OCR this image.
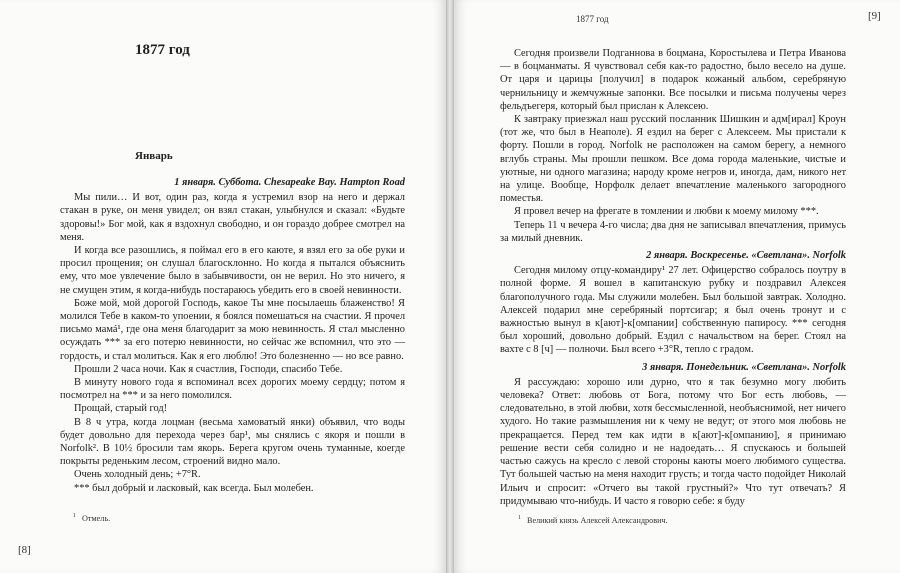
1877 год
Январь

1 января. Суббота. Chesapeake Bay. Hampton Road

Мы пили… И вот, один раз, когда я устремил взор на него и держал стакан в руке, он меня увидел; он взял стакан, улыбнулся и сказал: «Будьте здоровы!» Бог мой, как я вздохнул свободно, и он гораздо добрее смотрел на меня.

И когда все разошлись, я поймал его в его каюте, я взял его за обе руки и просил прощения; он слушал благосклонно. Но когда я пытался объяснить ему, что мое увлечение было в забывчивости, он не верил. Но это ничего, я не смущен этим, я когда-нибудь постараюсь убедить его в своей невинности.

Боже мой, мой дорогой Господь, какое Ты мне посылаешь блаженство! Я молился Тебе в каком-то упоении, я боялся помешаться на счастии. Я прочел письмо мамá¹, где она меня благодарит за мою невинность. Я стал мысленно осуждать *** за его потерю невинности, но сейчас же вспомнил, что это — гордость, и стал молиться. Как я его люблю! Это болезненно — но все равно.

Прошли 2 часа ночи. Как я счастлив, Господи, спасибо Тебе.

В минуту нового года я вспоминал всех дорогих моему сердцу; потом я посмотрел на *** и за него помолился.

Прощай, старый год!

В 8 ч утра, когда лоцман (весьма хамоватый янки) объявил, что воды будет довольно для перехода через бар¹, мы снялись с якоря и пошли в Norfolk². В 10½ бросили там якорь. Берега кругом очень туманные, коегде покрыты реденьким лесом, строений видно мало.

Очень холодный день; +7°R.

*** был добрый и ласковый, как всегда. Был молебен.

$^1$ Отмель.
[8]
1877 год	[9]

Сегодня произвели Подганнова в боцмана, Коростылева и Петра Иванова — в боцманматы. Я чувствовал себя как-то радостно, было весело на душе. От царя и царицы [получил] в подарок кожаный альбом, серебряную чернильницу и жемчужные запонки. Все посылки и письма получены через фельдъегеря, который был прислан к Алексею.

К завтраку приезжал наш русский посланник Шишкин и адм[ирал] Кроун (тот же, что был в Неаполе). Я ездил на берег с Алексеем. Мы пристали к форту. Пошли в город. Norfolk не расположен на самом берегу, а немного вглубь страны. Мы прошли пешком. Все дома города маленькие, чистые и уютные, ни одного магазина; народу кроме негров и, иногда, дам, никого нет на улице. Вообще, Норфолк делает впечатление маленького загородного поместья.

Я провел вечер на фрегате в томлении и любви к моему милому ***.

Теперь 11 ч вечера 4-го числа; два дня не записывал впечатления, примусь за милый дневник.

2 января. Воскресенье. «Светлана». Norfolk

Сегодня милому отцу-командиру¹ 27 лет. Офицерство собралось поутру в полной форме. Я вошел в капитанскую рубку и поздравил Алексея благополучного года. Мы служили молебен. Был большой завтрак. Холодно. Алексей подарил мне серебряный портсигар; я был очень тронут и с важностью вынул в к[ают]-к[омпании] собственную папиросу. *** сегодня был хороший, довольно добрый. Ездил с начальством на берег. Стоял на вахте с 8 [ч] — полночи. Был всего +3°R, тепло с градом.

3 января. Понедельник. «Светлана». Norfolk

Я рассуждаю: хорошо или дурно, что я так безумно могу любить человека? Ответ: любовь от Бога, потому что Бог есть любовь, — следовательно, в этой любви, хотя бессмысленной, необъяснимой, нет ничего худого. Но такие размышления ни к чему не ведут; от этого моя любовь не прекращается. Перед тем как идти в к[ают]-к[омпанию], я принимаю решение вести себя солидно и не надоедать… Я спускаюсь и большей частью сажусь на кресло с левой стороны каюты моего любимого существа. Тут большей частью на меня находит грусть; и тогда часто подойдет Николай Ильич и спросит: «Отчего вы такой грустный?» Что тут отвечать? Я придумываю что-нибудь. И часто я говорю себе: я буду

$^1$ Великий князь Алексей Александрович.
